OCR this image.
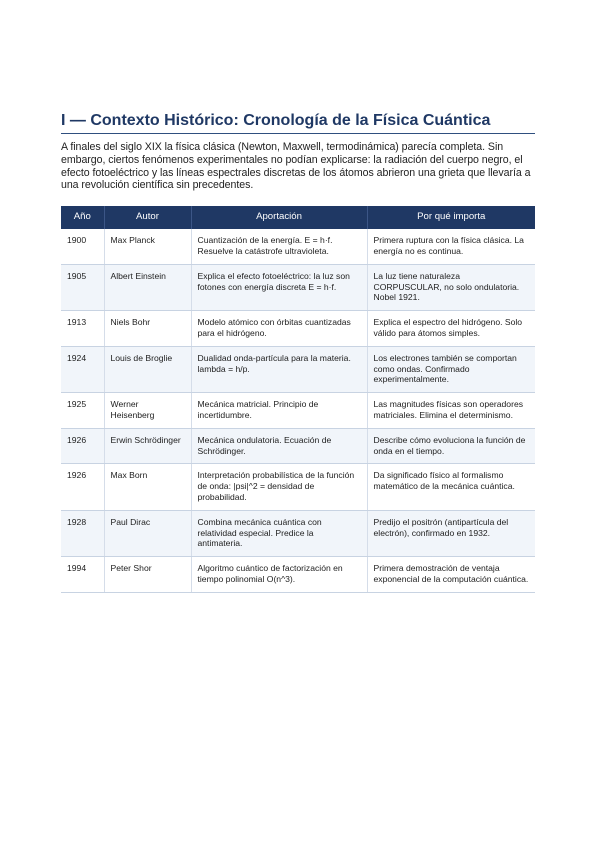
I — Contexto Histórico: Cronología de la Física Cuántica

A finales del siglo XIX la física clásica (Newton, Maxwell, termodinámica) parecía completa. Sin embargo, ciertos fenómenos experimentales no podían explicarse: la radiación del cuerpo negro, el efecto fotoeléctrico y las líneas espectrales discretas de los átomos abrieron una grieta que llevaría a una revolución científica sin precedentes.

Año	Autor	Aportación	Por qué importa
1900	Max Planck	Cuantización de la energía. E = h·f. Resuelve la catástrofe ultravioleta.	Primera ruptura con la física clásica. La energía no es continua.
1905	Albert Einstein	Explica el efecto fotoeléctrico: la luz son fotones con energía discreta E = h·f.	La luz tiene naturaleza CORPUSCULAR, no solo ondulatoria. Nobel 1921.
1913	Niels Bohr	Modelo atómico con órbitas cuantizadas para el hidrógeno.	Explica el espectro del hidrógeno. Solo válido para átomos simples.
1924	Louis de Broglie	Dualidad onda-partícula para la materia. lambda = h/p.	Los electrones también se comportan como ondas. Confirmado experimentalmente.
1925	Werner Heisenberg	Mecánica matricial. Principio de incertidumbre.	Las magnitudes físicas son operadores matriciales. Elimina el determinismo.
1926	Erwin Schrödinger	Mecánica ondulatoria. Ecuación de Schrödinger.	Describe cómo evoluciona la función de onda en el tiempo.
1926	Max Born	Interpretación probabilística de la función de onda: |psi|^2 = densidad de probabilidad.	Da significado físico al formalismo matemático de la mecánica cuántica.
1928	Paul Dirac	Combina mecánica cuántica con relatividad especial. Predice la antimateria.	Predijo el positrón (antipartícula del electrón), confirmado en 1932.
1994	Peter Shor	Algoritmo cuántico de factorización en tiempo polinomial O(n^3).	Primera demostración de ventaja exponencial de la computación cuántica.
